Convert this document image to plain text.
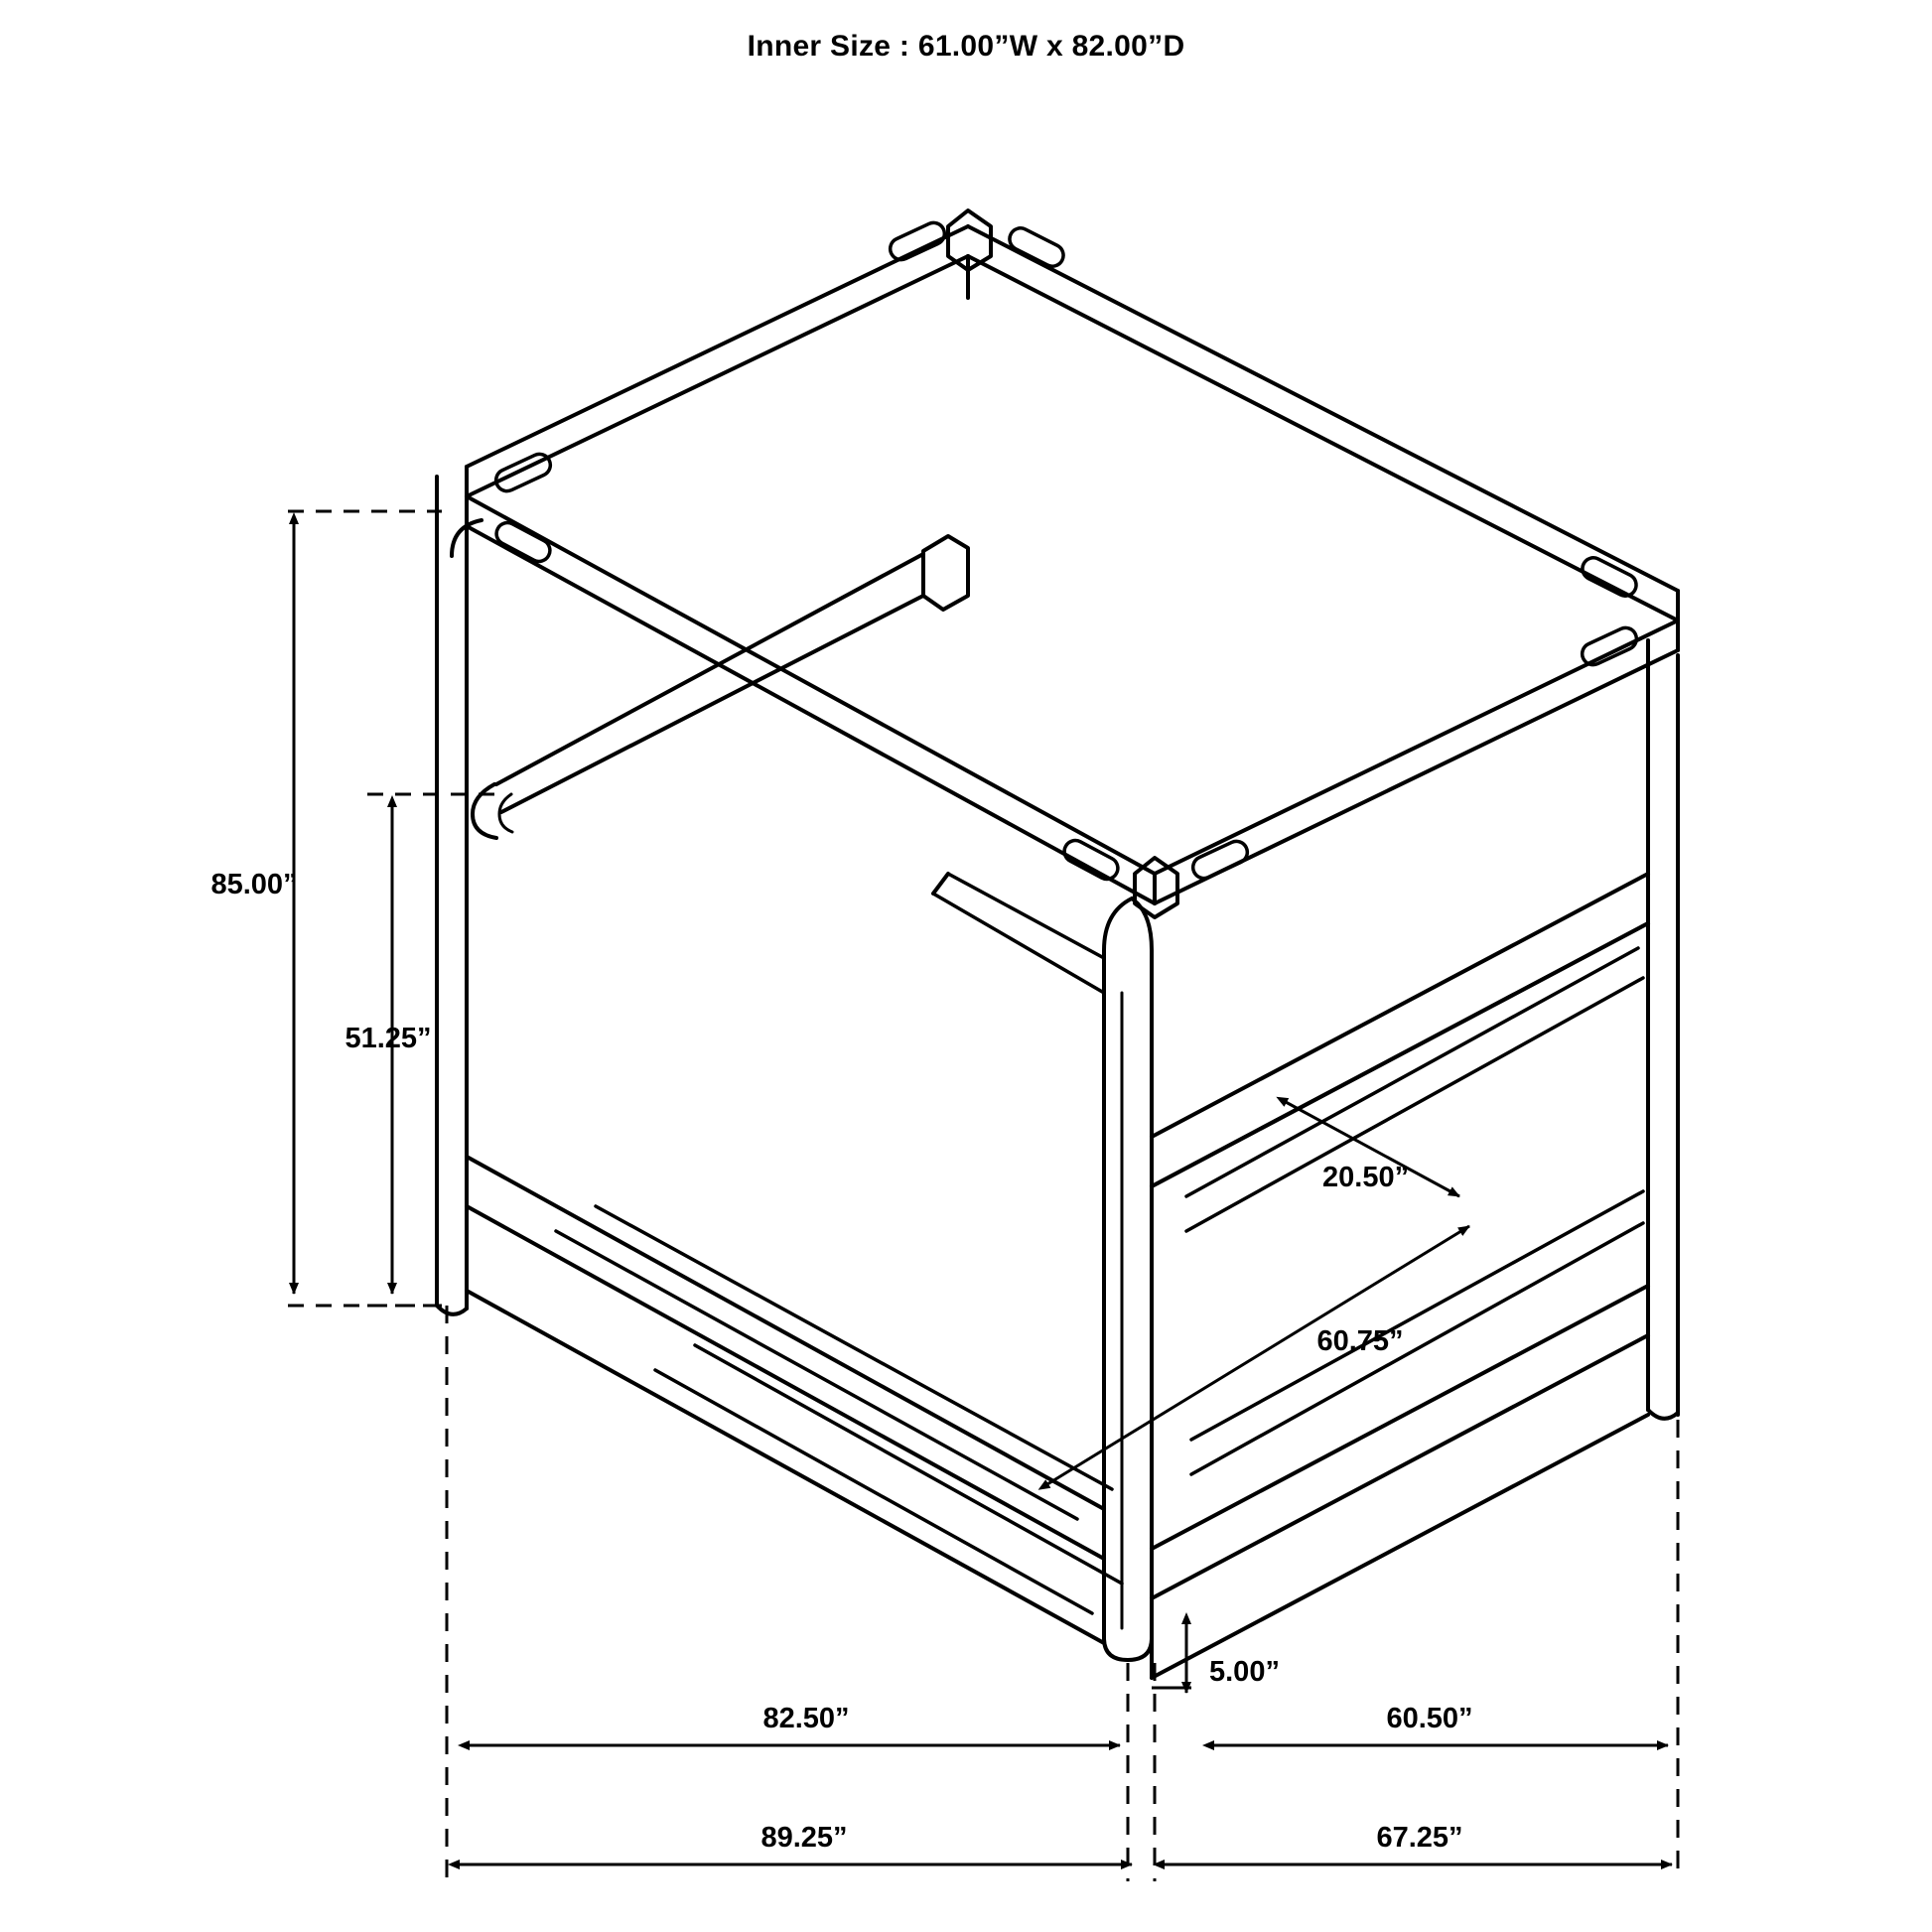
Inner Size : 61.00”W x 82.00”D
85.00”
51.25”
20.50”
60.75”
5.00”
82.50”	60.50”
89.25”	67.25”
